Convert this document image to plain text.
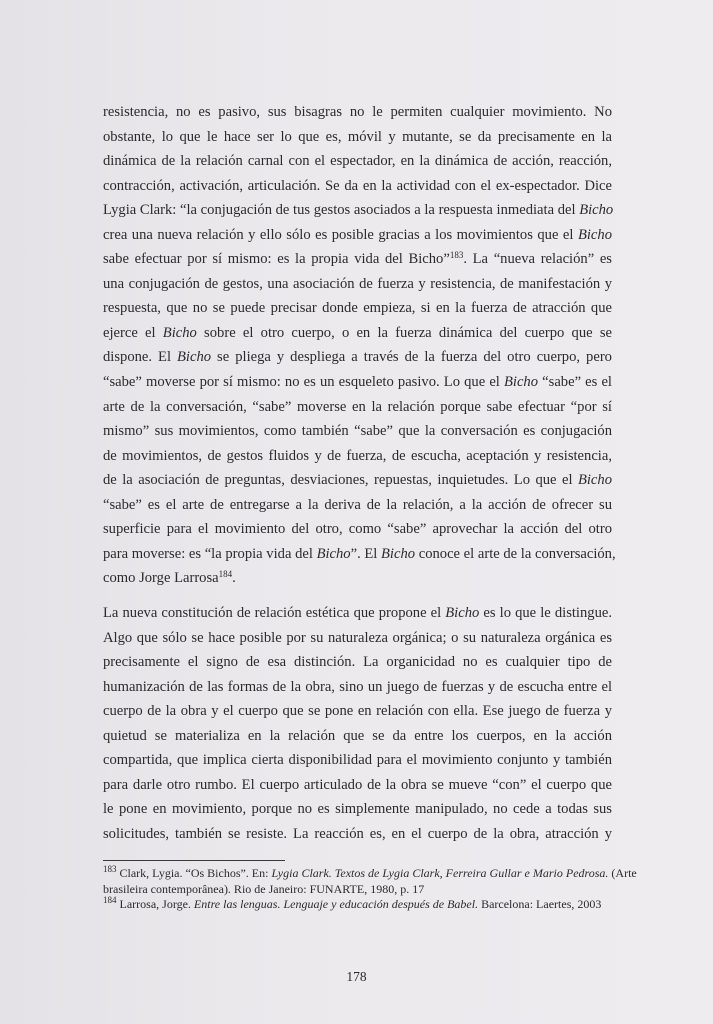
resistencia, no es pasivo, sus bisagras no le permiten cualquier movimiento. No
obstante, lo que le hace ser lo que es, móvil y mutante, se da precisamente en la
dinámica de la relación carnal con el espectador, en la dinámica de acción, reacción,
contracción, activación, articulación. Se da en la actividad con el ex-espectador. Dice
Lygia Clark: “la conjugación de tus gestos asociados a la respuesta inmediata del Bicho
crea una nueva relación y ello sólo es posible gracias a los movimientos que el Bicho
sabe efectuar por sí mismo: es la propia vida del Bicho”$^{183}$. La “nueva relación” es
una conjugación de gestos, una asociación de fuerza y resistencia, de manifestación y
respuesta, que no se puede precisar donde empieza, si en la fuerza de atracción que
ejerce el Bicho sobre el otro cuerpo, o en la fuerza dinámica del cuerpo que se
dispone. El Bicho se pliega y despliega a través de la fuerza del otro cuerpo, pero
“sabe” moverse por sí mismo: no es un esqueleto pasivo. Lo que el Bicho “sabe” es el
arte de la conversación, “sabe” moverse en la relación porque sabe efectuar “por sí
mismo” sus movimientos, como también “sabe” que la conversación es conjugación
de movimientos, de gestos fluidos y de fuerza, de escucha, aceptación y resistencia,
de la asociación de preguntas, desviaciones, repuestas, inquietudes. Lo que el Bicho
“sabe” es el arte de entregarse a la deriva de la relación, a la acción de ofrecer su
superficie para el movimiento del otro, como “sabe” aprovechar la acción del otro
para moverse: es “la propia vida del Bicho”. El Bicho conoce el arte de la conversación,
como Jorge Larrosa$^{184}$.
La nueva constitución de relación estética que propone el Bicho es lo que le distingue.
Algo que sólo se hace posible por su naturaleza orgánica; o su naturaleza orgánica es
precisamente el signo de esa distinción. La organicidad no es cualquier tipo de
humanización de las formas de la obra, sino un juego de fuerzas y de escucha entre el
cuerpo de la obra y el cuerpo que se pone en relación con ella. Ese juego de fuerza y
quietud se materializa en la relación que se da entre los cuerpos, en la acción
compartida, que implica cierta disponibilidad para el movimiento conjunto y también
para darle otro rumbo. El cuerpo articulado de la obra se mueve “con” el cuerpo que
le pone en movimiento, porque no es simplemente manipulado, no cede a todas sus
solicitudes, también se resiste. La reacción es, en el cuerpo de la obra, atracción y
$^{183}$ Clark, Lygia. “Os Bichos”. En: Lygia Clark. Textos de Lygia Clark, Ferreira Gullar e Mario Pedrosa. (Arte
brasileira contemporânea). Rio de Janeiro: FUNARTE, 1980, p. 17
$^{184}$ Larrosa, Jorge. Entre las lenguas. Lenguaje y educación después de Babel. Barcelona: Laertes, 2003
178
